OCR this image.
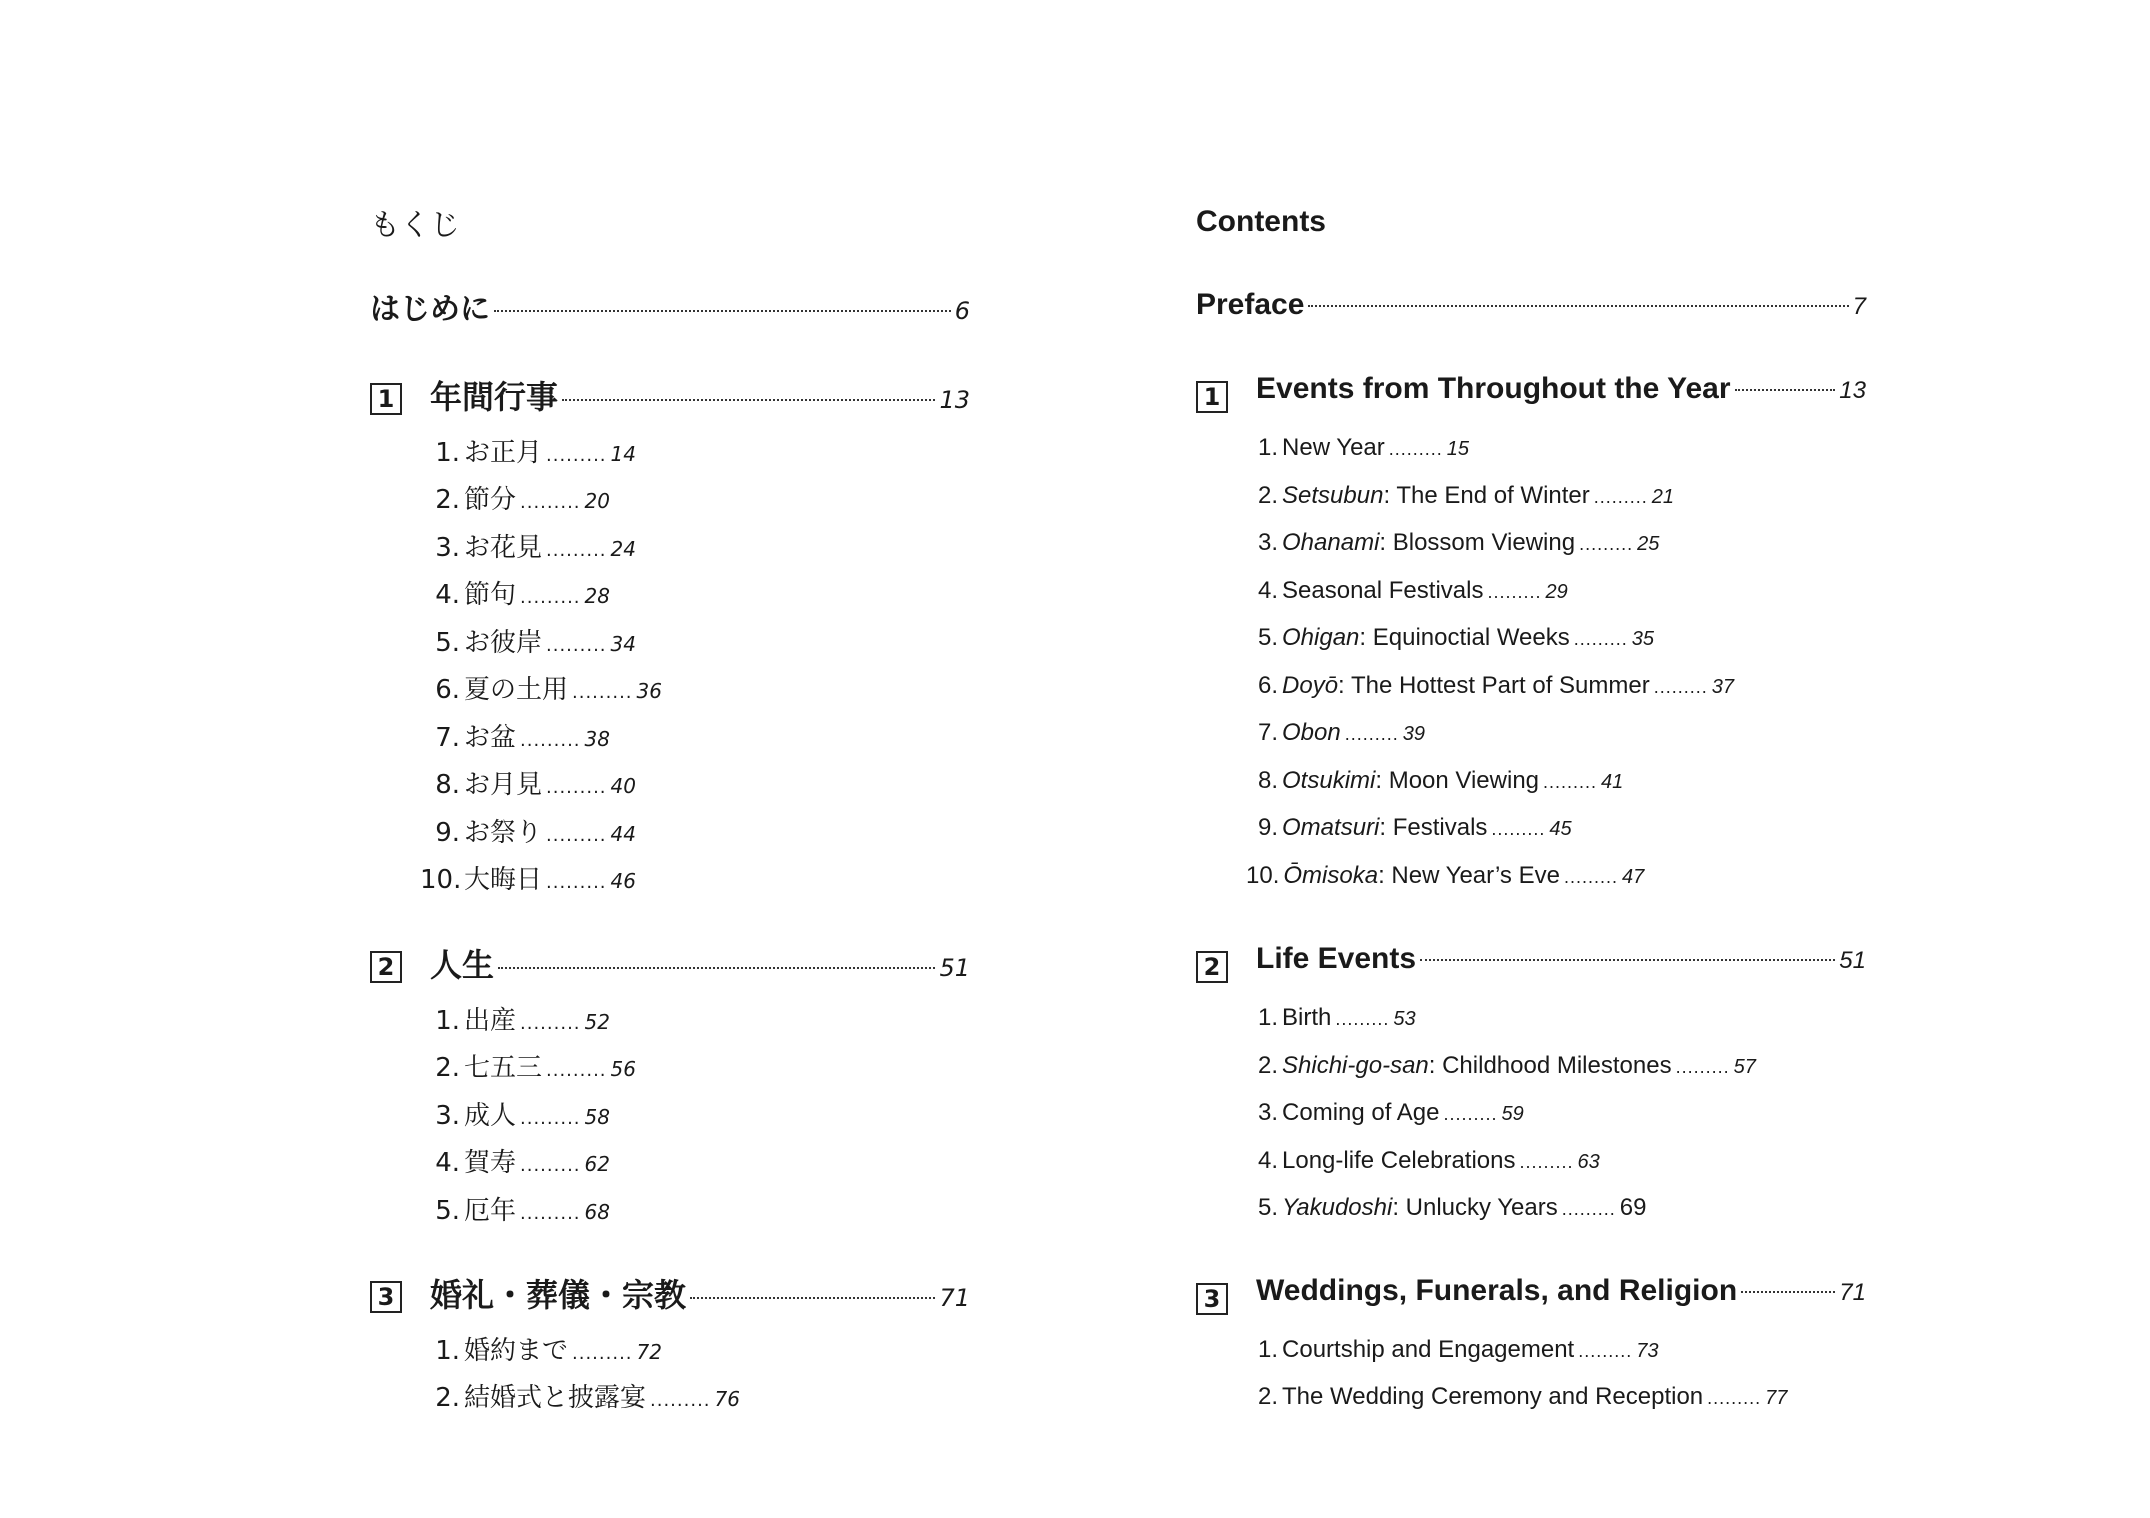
もくじ
はじめに	6
1 年間行事	13
1. お正月 ......... 14
2. 節分 ......... 20
3. お花見 ......... 24
4. 節句 ......... 28
5. お彼岸 ......... 34
6. 夏の土用 ......... 36
7. お盆 ......... 38
8. お月見 ......... 40
9. お祭り ......... 44
10. 大晦日 ......... 46
2 人生	51
1. 出産 ......... 52
2. 七五三 ......... 56
3. 成人 ......... 58
4. 賀寿 ......... 62
5. 厄年 ......... 68
3 婚礼・葬儀・宗教	71
1. 婚約まで ......... 72
2. 結婚式と披露宴 ......... 76
Contents
Preface	7
1 Events from Throughout the Year	13
1. New Year ......... 15
2. Setsubun: The End of Winter ......... 21
3. Ohanami: Blossom Viewing ......... 25
4. Seasonal Festivals ......... 29
5. Ohigan: Equinoctial Weeks ......... 35
6. Doyō: The Hottest Part of Summer ......... 37
7. Obon ......... 39
8. Otsukimi: Moon Viewing ......... 41
9. Omatsuri: Festivals ......... 45
10. Ōmisoka: New Year’s Eve ......... 47
2 Life Events	51
1. Birth ......... 53
2. Shichi-go-san: Childhood Milestones ......... 57
3. Coming of Age ......... 59
4. Long-life Celebrations ......... 63
5. Yakudoshi: Unlucky Years ......... 69
3 Weddings, Funerals, and Religion	71
1. Courtship and Engagement ......... 73
2. The Wedding Ceremony and Reception ......... 77
